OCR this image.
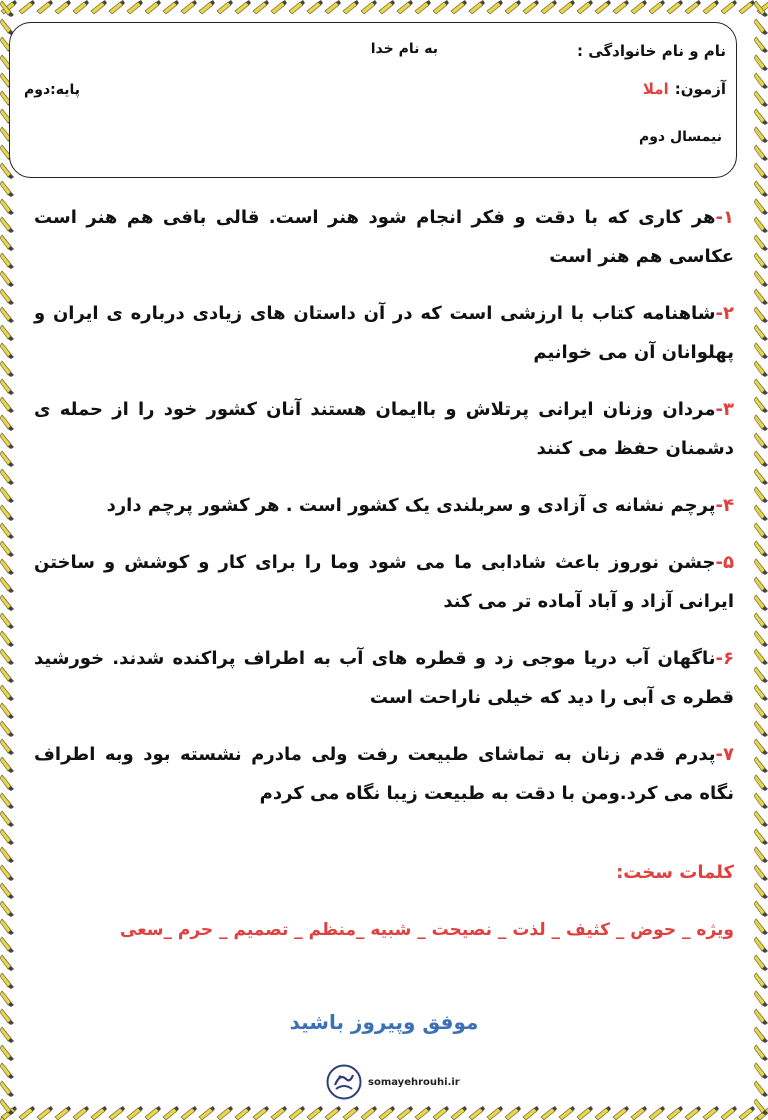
نام و نام خانوادگی :
به نام خدا
آزمون:املا
پایه:دوم
نیمسال دوم

۱-هر کاری که با دقت و فکر انجام شود هنر است. قالی بافی هم هنر است عکاسی هم هنر است

۲-شاهنامه کتاب با ارزشی است که در آن داستان های زیادی درباره ی ایران و پهلوانان آن می خوانیم

۳-مردان وزنان ایرانی پرتلاش و باایمان هستند آنان کشور خود را از حمله ی دشمنان حفظ می کنند

۴-پرچم نشانه ی آزادی و سربلندی یک کشور است . هر کشور پرچم دارد

۵-جشن نوروز باعث شادابی ما می شود وما را برای کار و کوشش و ساختن ایرانی آزاد و آباد آماده تر می کند

۶-ناگهان آب دریا موجی زد و قطره های آب به اطراف پراکنده شدند. خورشید قطره ی آبی را دید که خیلی ناراحت است

۷-پدرم قدم زنان به تماشای طبیعت رفت ولی مادرم نشسته بود وبه اطراف نگاه می کرد.ومن با دقت به طبیعت زیبا نگاه می کردم

کلمات سخت:
ویژه _ حوض _ کثیف _ لذت _ نصیحت _ شبیه _منظم _ تصمیم _ حرم _سعی
موفق وپیروز باشید
somayehrouhi.ir
